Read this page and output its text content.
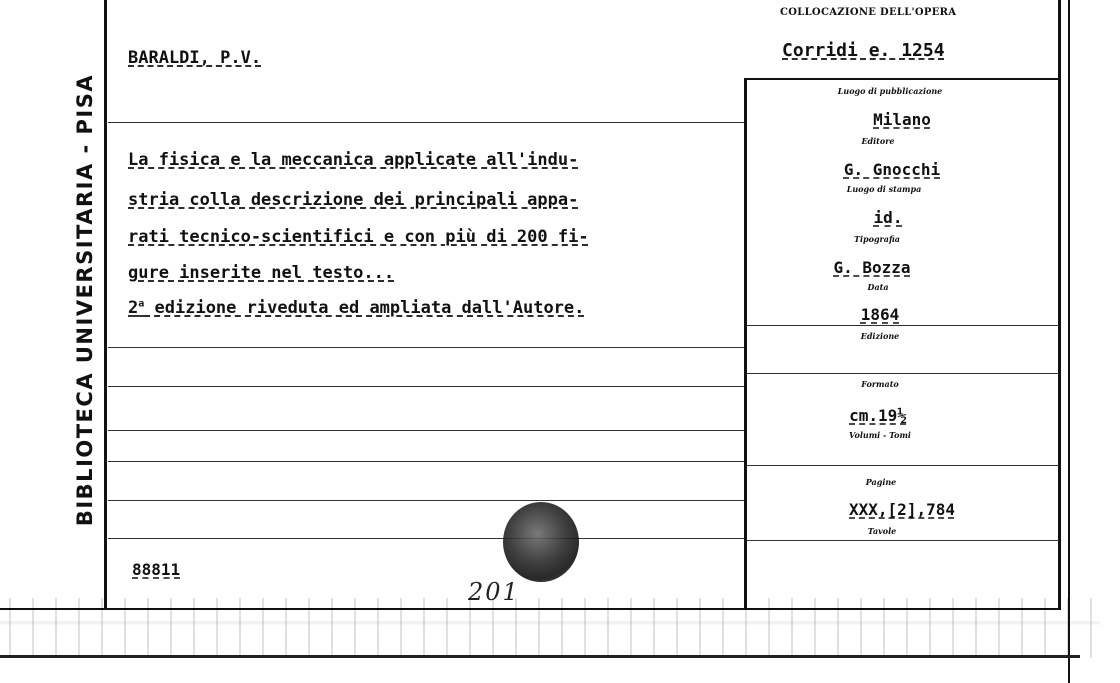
BIBLIOTECA UNIVERSITARIA - PISA
COLLOCAZIONE DELL'OPERA
Corridi e. 1254
BARALDI, P.V.
La fisica e la meccanica applicate all'indu-
stria colla descrizione dei principali appa-
rati tecnico-scientifici e con più di 200 fi-
gure inserite nel testo...
2$^a$ edizione riveduta ed ampliata dall'Autore.
88811
201
Luogo di pubblicazione
Milano
Editore
G. Gnocchi
Luogo di stampa
id.
Tipografia
G. Bozza
Data
1864
Edizione
Formato
cm.19½
Volumi - Tomi
Pagine
XXX,[2],784
Tavole
